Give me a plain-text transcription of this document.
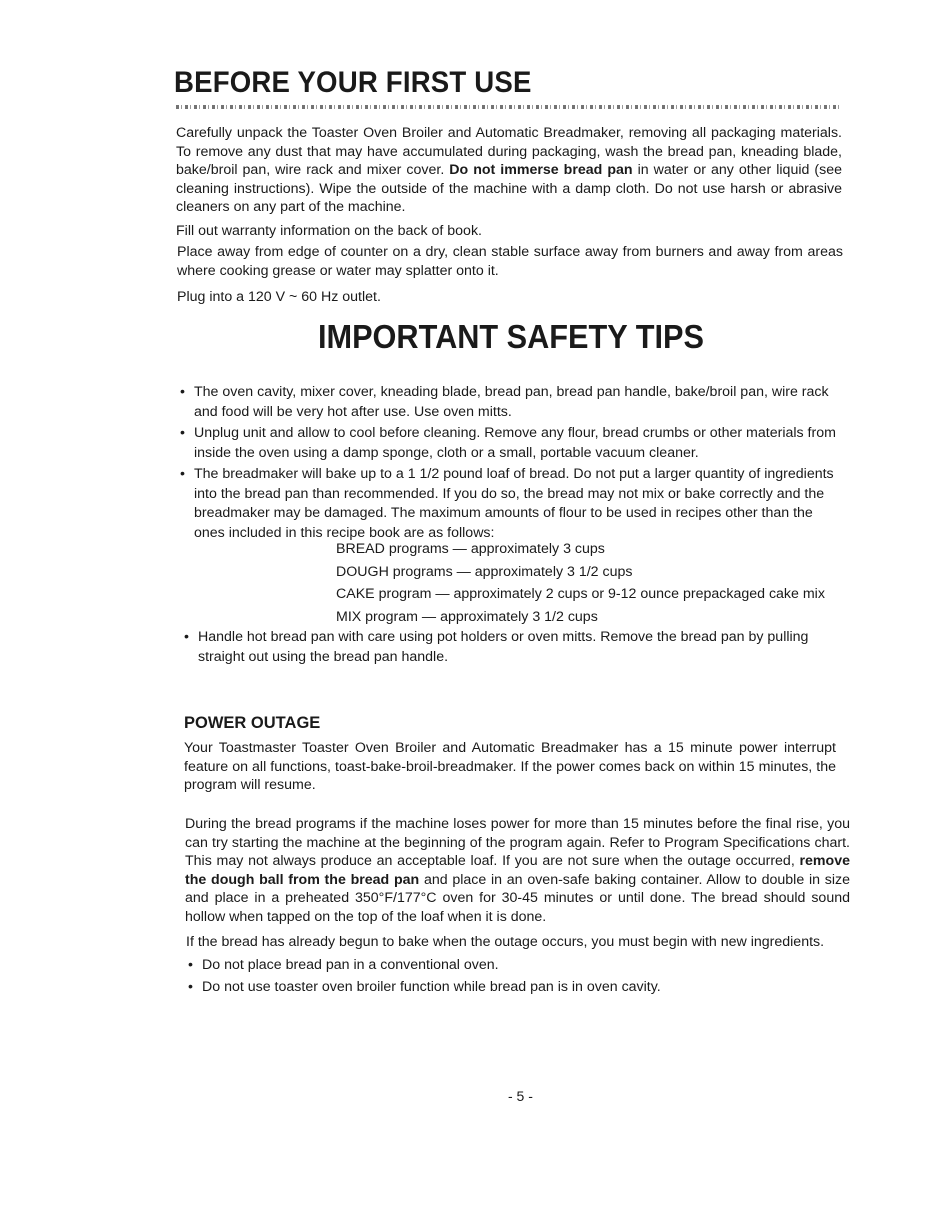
BEFORE YOUR FIRST USE
Carefully unpack the Toaster Oven Broiler and Automatic Breadmaker, removing all packaging materials. To remove any dust that may have accumulated during packaging, wash the bread pan, kneading blade, bake/broil pan, wire rack and mixer cover. Do not immerse bread pan in water or any other liquid (see cleaning instructions). Wipe the outside of the machine with a damp cloth. Do not use harsh or abrasive cleaners on any part of the machine.
Fill out warranty information on the back of book.
Place away from edge of counter on a dry, clean stable surface away from burners and away from areas where cooking grease or water may splatter onto it.
Plug into a 120 V ~ 60 Hz outlet.
IMPORTANT SAFETY TIPS
• The oven cavity, mixer cover, kneading blade, bread pan, bread pan handle, bake/broil pan, wire rack and food will be very hot after use. Use oven mitts.
• Unplug unit and allow to cool before cleaning. Remove any flour, bread crumbs or other materials from inside the oven using a damp sponge, cloth or a small, portable vacuum cleaner.
• The breadmaker will bake up to a 1 1/2 pound loaf of bread. Do not put a larger quantity of ingredients into the bread pan than recommended. If you do so, the bread may not mix or bake correctly and the breadmaker may be damaged. The maximum amounts of flour to be used in recipes other than the ones included in this recipe book are as follows:
BREAD programs — approximately 3 cups
DOUGH programs — approximately 3 1/2 cups
CAKE program — approximately 2 cups or 9-12 ounce prepackaged cake mix
MIX program — approximately 3 1/2 cups
• Handle hot bread pan with care using pot holders or oven mitts. Remove the bread pan by pulling straight out using the bread pan handle.
POWER OUTAGE
Your Toastmaster Toaster Oven Broiler and Automatic Breadmaker has a 15 minute power interrupt feature on all functions, toast-bake-broil-breadmaker. If the power comes back on within 15 minutes, the program will resume.
During the bread programs if the machine loses power for more than 15 minutes before the final rise, you can try starting the machine at the beginning of the program again. Refer to Program Specifications chart. This may not always produce an acceptable loaf. If you are not sure when the outage occurred, remove the dough ball from the bread pan and place in an oven-safe baking container. Allow to double in size and place in a preheated 350°F/177°C oven for 30-45 minutes or until done. The bread should sound hollow when tapped on the top of the loaf when it is done.
If the bread has already begun to bake when the outage occurs, you must begin with new ingredients.
• Do not place bread pan in a conventional oven.
• Do not use toaster oven broiler function while bread pan is in oven cavity.
- 5 -
